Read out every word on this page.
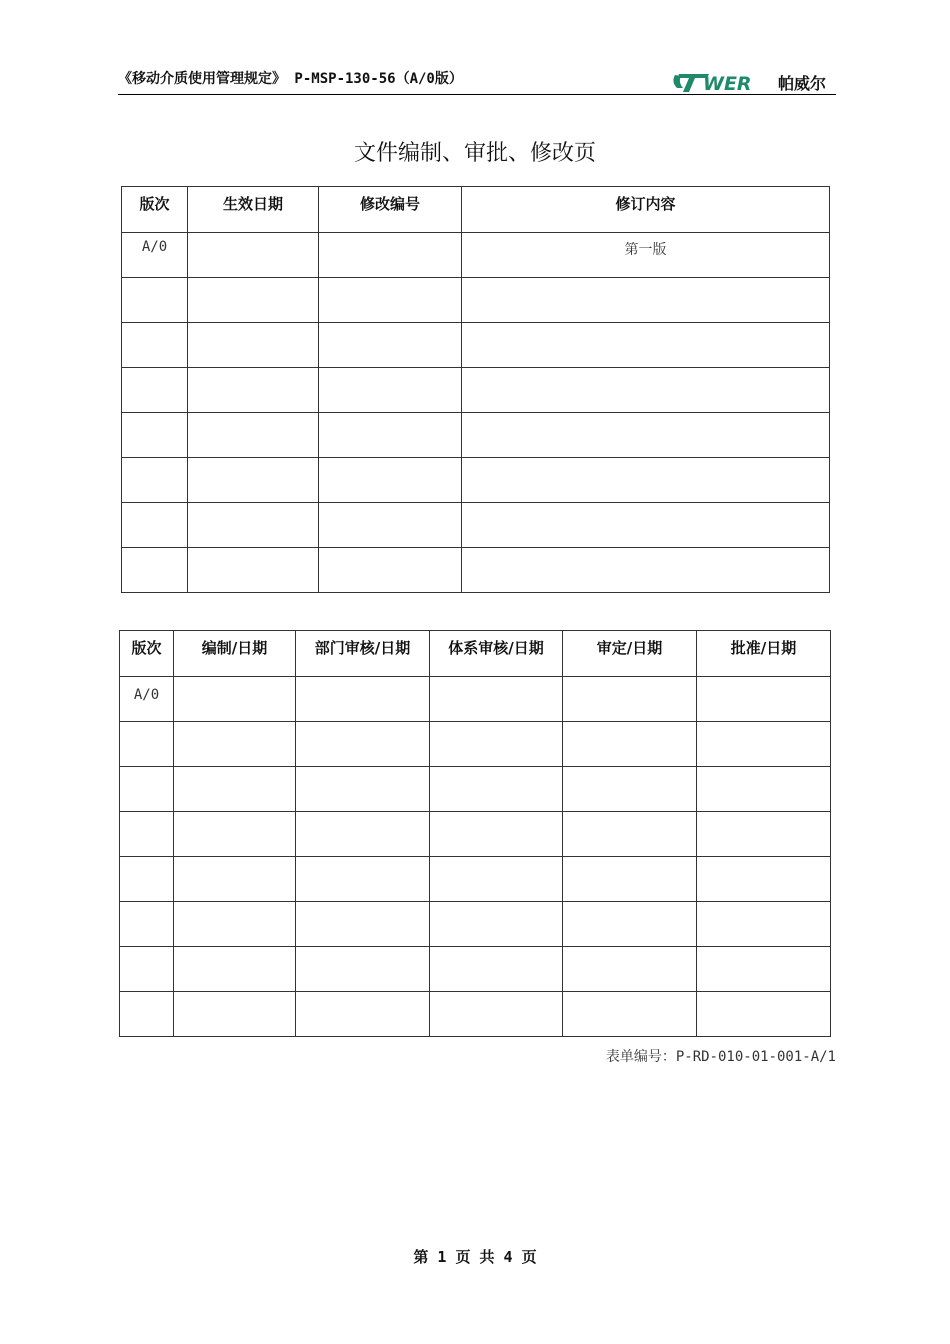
《移动介质使用管理规定》 P-MSP-130-56（A/0版）	WER 帕威尔
文件编制、审批、修改页
版次	生效日期	修改编号	修订内容
A/0			第一版

版次	编制/日期	部门审核/日期	体系审核/日期	审定/日期	批准/日期
A/0					

表单编号：P-RD-010-01-001-A/1
第 1 页 共 4 页
